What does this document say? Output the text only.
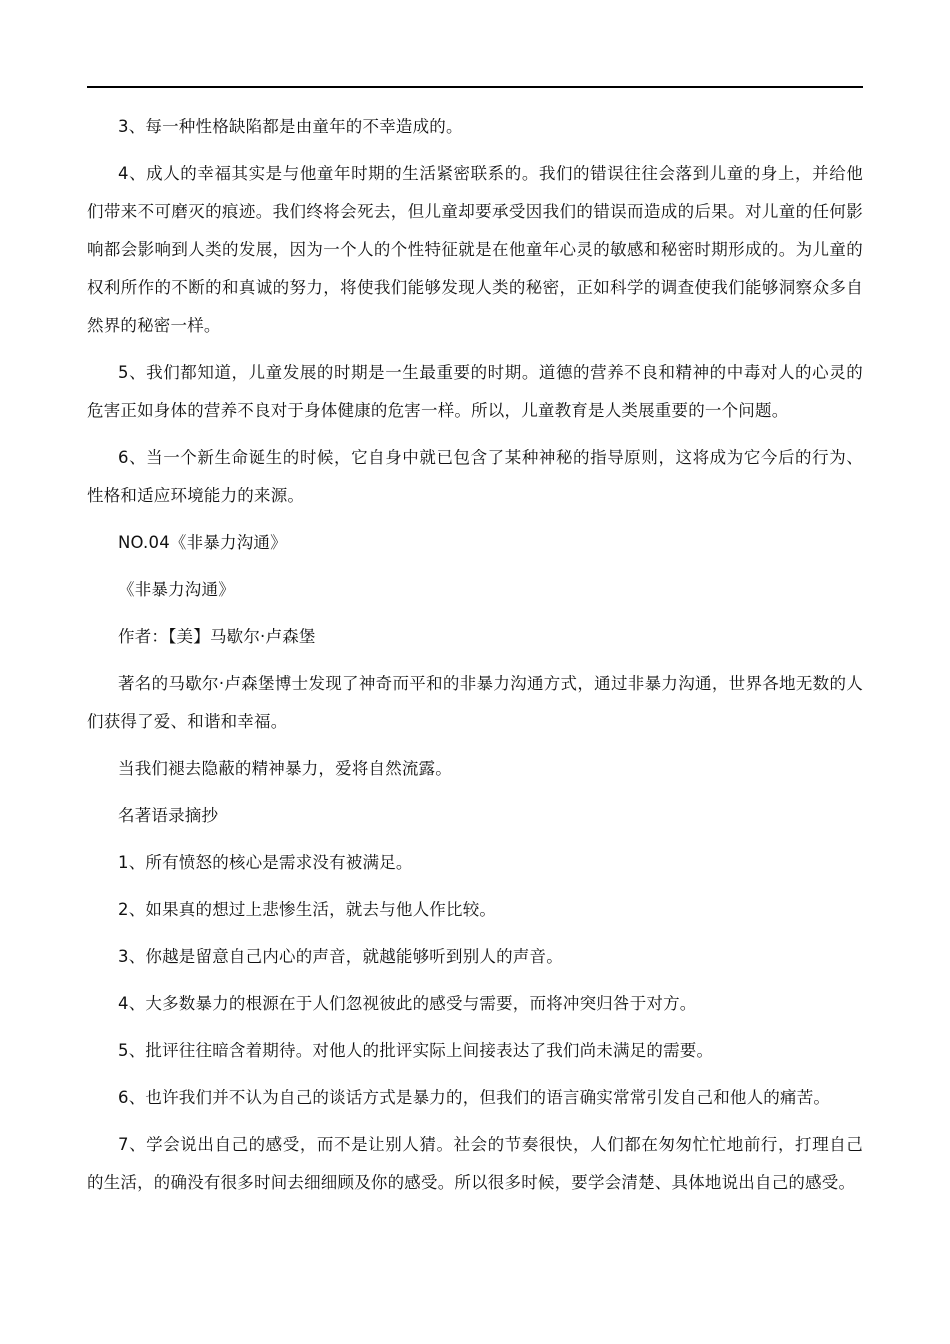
3、每一种性格缺陷都是由童年的不幸造成的。

4、成人的幸福其实是与他童年时期的生活紧密联系的。我们的错误往往会落到儿童的身上，并给他们带来不可磨灭的痕迹。我们终将会死去，但儿童却要承受因我们的错误而造成的后果。对儿童的任何影响都会影响到人类的发展，因为一个人的个性特征就是在他童年心灵的敏感和秘密时期形成的。为儿童的权利所作的不断的和真诚的努力，将使我们能够发现人类的秘密，正如科学的调查使我们能够洞察众多自然界的秘密一样。

5、我们都知道，儿童发展的时期是一生最重要的时期。道德的营养不良和精神的中毒对人的心灵的危害正如身体的营养不良对于身体健康的危害一样。所以，儿童教育是人类展重要的一个问题。

6、当一个新生命诞生的时候，它自身中就已包含了某种神秘的指导原则，这将成为它今后的行为、性格和适应环境能力的来源。

NO.04《非暴力沟通》

《非暴力沟通》

作者：【美】马歇尔·卢森堡

著名的马歇尔·卢森堡博士发现了神奇而平和的非暴力沟通方式，通过非暴力沟通，世界各地无数的人们获得了爱、和谐和幸福。

当我们褪去隐蔽的精神暴力，爱将自然流露。

名著语录摘抄

1、所有愤怒的核心是需求没有被满足。

2、如果真的想过上悲惨生活，就去与他人作比较。

3、你越是留意自己内心的声音，就越能够听到别人的声音。

4、大多数暴力的根源在于人们忽视彼此的感受与需要，而将冲突归咎于对方。

5、批评往往暗含着期待。对他人的批评实际上间接表达了我们尚未满足的需要。

6、也许我们并不认为自己的谈话方式是暴力的，但我们的语言确实常常引发自己和他人的痛苦。

7、学会说出自己的感受，而不是让别人猜。社会的节奏很快，人们都在匆匆忙忙地前行，打理自己的生活，的确没有很多时间去细细顾及你的感受。所以很多时候，要学会清楚、具体地说出自己的感受。
